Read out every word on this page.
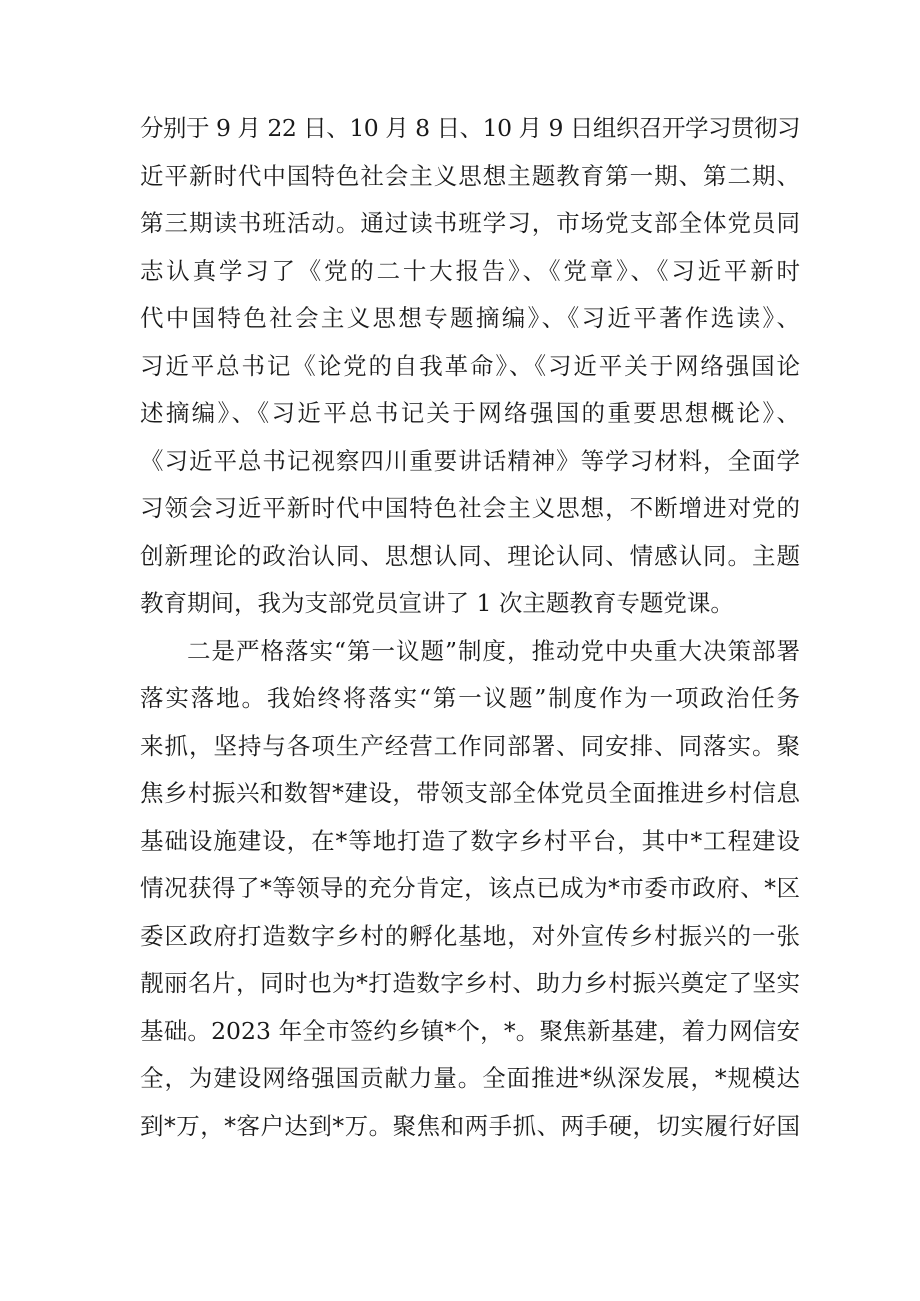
分别于 9 月 22 日、10 月 8 日、10 月 9 日组织召开学习贯彻习
近平新时代中国特色社会主义思想主题教育第一期、第二期、
第三期读书班活动。通过读书班学习，市场党支部全体党员同
志认真学习了《党的二十大报告》、《党章》、《习近平新时
代中国特色社会主义思想专题摘编》、《习近平著作选读》、
习近平总书记《论党的自我革命》、《习近平关于网络强国论
述摘编》、《习近平总书记关于网络强国的重要思想概论》、
《习近平总书记视察四川重要讲话精神》等学习材料，全面学
习领会习近平新时代中国特色社会主义思想，不断增进对党的
创新理论的政治认同、思想认同、理论认同、情感认同。主题
教育期间，我为支部党员宣讲了 1 次主题教育专题党课。
二是严格落实“第一议题”制度，推动党中央重大决策部署
落实落地。我始终将落实“第一议题”制度作为一项政治任务
来抓，坚持与各项生产经营工作同部署、同安排、同落实。聚
焦乡村振兴和数智*建设，带领支部全体党员全面推进乡村信息
基础设施建设，在*等地打造了数字乡村平台，其中*工程建设
情况获得了*等领导的充分肯定，该点已成为*市委市政府、*区
委区政府打造数字乡村的孵化基地，对外宣传乡村振兴的一张
靓丽名片，同时也为*打造数字乡村、助力乡村振兴奠定了坚实
基础。2023 年全市签约乡镇*个，*。聚焦新基建，着力网信安
全，为建设网络强国贡献力量。全面推进*纵深发展，*规模达
到*万，*客户达到*万。聚焦和两手抓、两手硬，切实履行好国
